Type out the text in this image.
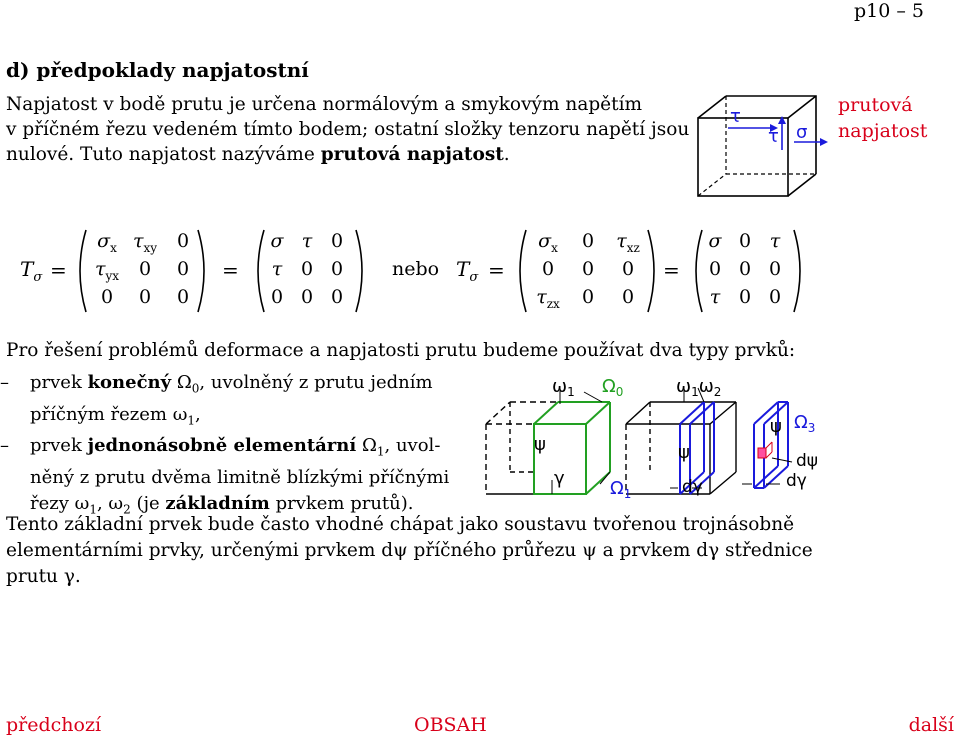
p10 – 5
d) předpoklady napjatostní
Napjatost v bodě prutu je určena normálovým a smykovým napětím
v příčném řezu vedeném tímto bodem; ostatní složky tenzoru napětí jsou
nulové. Tuto napjatost nazýváme prutová napjatost.
τ
τ σ
prutová
napjatost
$T_\sigma$ =
$\sigma_x$ $\tau_{xy}$	0
$\tau_{yx}$	0	0
0	0	0
=
σ τ 0
τ 0 0
0 0 0
nebo $T_\sigma$ =
$\sigma_x$	0	$\tau_{xz}$
0	0	0
$\tau_{zx}$	0	0
=
σ 0 τ
0 0 0
τ 0 0
Pro řešení problémů deformace a napjatosti prutu budeme používat dva typy prvků:
– prvek konečný $\Omega_0$, uvolněný z prutu jedním
příčným řezem $\omega_1$,
– prvek jednonásobně elementární $\Omega_1$, uvol-
něný z prutu dvěma limitně blízkými příčnými
řezy $\omega_1$, $\omega_2$ (je základním prvkem prutů).
$\omega_1$ $\Omega_0$
ψ
γ
$\omega_1\omega_2$
ψ
$\Omega_1$	dγ
ψ $\Omega_3$
dψ
dγ
Tento základní prvek bude často vhodné chápat jako soustavu tvořenou trojnásobně
elementárními prvky, určenými prvkem dψ příčného průřezu ψ a prvkem dγ střednice
prutu γ.
předchozí	OBSAH	další
